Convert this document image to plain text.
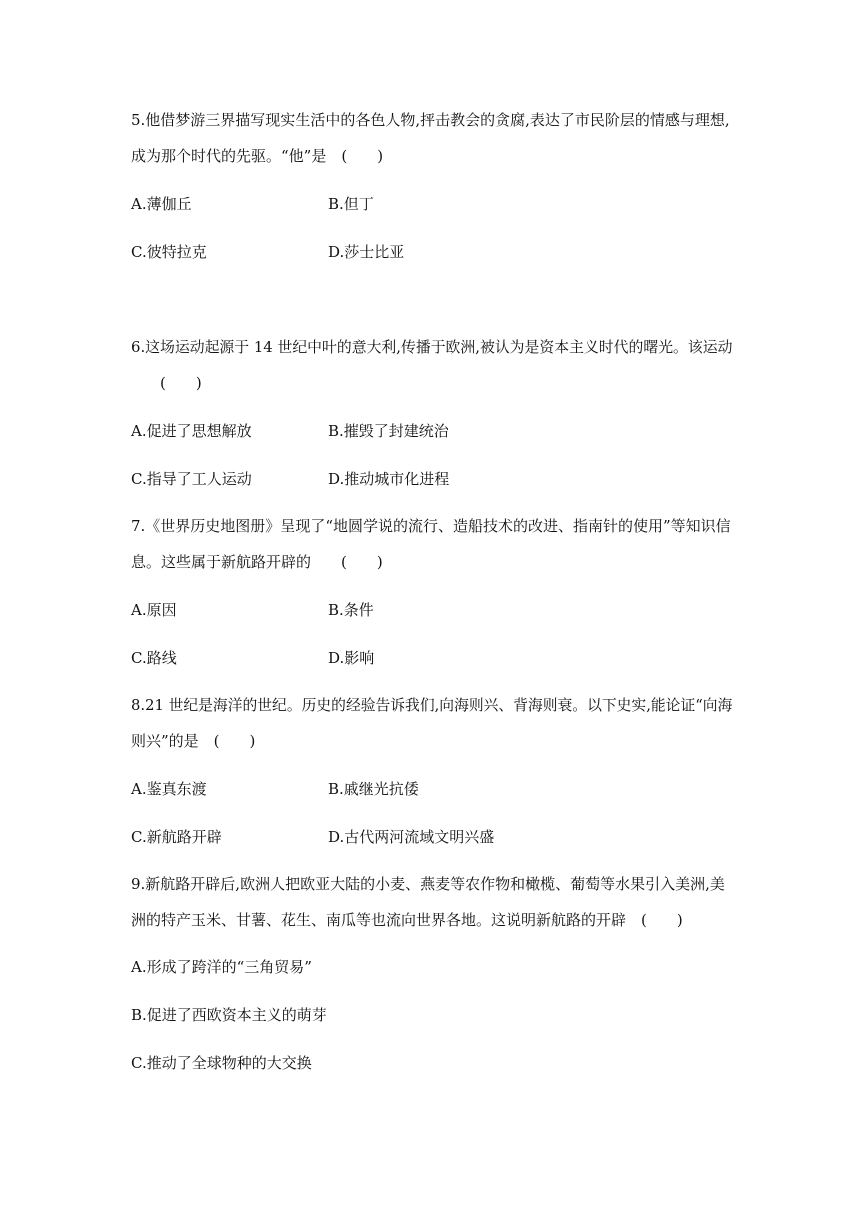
5.他借梦游三界描写现实生活中的各色人物,抨击教会的贪腐,表达了市民阶层的情感与理想,
成为那个时代的先驱。“他”是　(　　)
A.薄伽丘	B.但丁
C.彼特拉克	D.莎士比亚
6.这场运动起源于 14 世纪中叶的意大利,传播于欧洲,被认为是资本主义时代的曙光。该运动
(　　)
A.促进了思想解放	B.摧毁了封建统治
C.指导了工人运动	D.推动城市化进程
7.《世界历史地图册》呈现了“地圆学说的流行、造船技术的改进、指南针的使用”等知识信
息。这些属于新航路开辟的　　(　　)
A.原因	B.条件
C.路线	D.影响
8.21 世纪是海洋的世纪。历史的经验告诉我们,向海则兴、背海则衰。以下史实,能论证“向海
则兴”的是　(　　)
A.鉴真东渡	B.戚继光抗倭
C.新航路开辟	D.古代两河流域文明兴盛
9.新航路开辟后,欧洲人把欧亚大陆的小麦、燕麦等农作物和橄榄、葡萄等水果引入美洲,美
洲的特产玉米、甘薯、花生、南瓜等也流向世界各地。这说明新航路的开辟　(　　)
A.形成了跨洋的“三角贸易”
B.促进了西欧资本主义的萌芽
C.推动了全球物种的大交换
